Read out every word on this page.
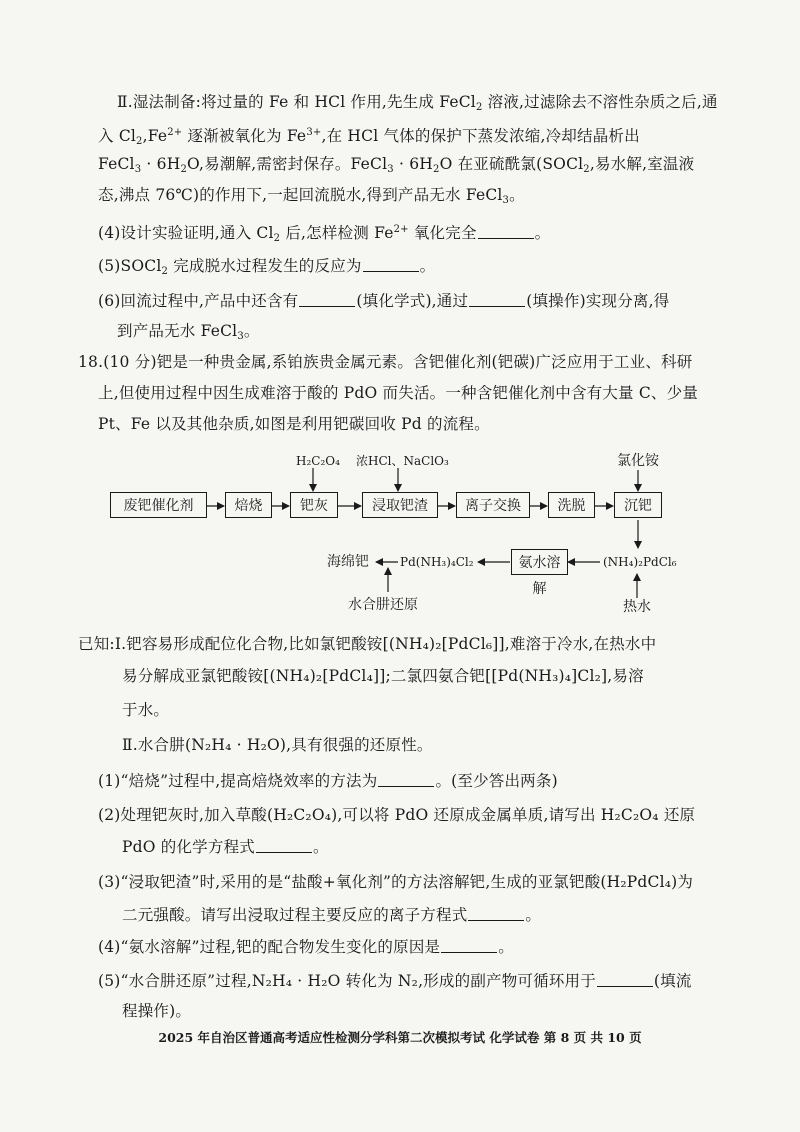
Ⅱ.湿法制备:将过量的 Fe 和 HCl 作用,先生成 FeCl$_2$ 溶液,过滤除去不溶性杂质之后,通
入 $Cl_2,Fe^{2+}$ 逐渐被氧化为 $Fe^{3+}$,在 HCl 气体的保护下蒸发浓缩,冷却结晶析出
FeCl$_3$ · $6H_2O$,易潮解,需密封保存。FeCl$_3$ · $6H_2O$ 在亚硫酰氯(SOCl$_2$,易水解,室温液
态,沸点 76℃)的作用下,一起回流脱水,得到产品无水 FeCl$_3$。
(4)设计实验证明,通入 $Cl_2$ 后,怎样检测 $Fe^{2+}$ 氧化完全	。
(5)SOCl$_2$ 完成脱水过程发生的反应为	。
(6)回流过程中,产品中还含有	(填化学式),通过	(填操作)实现分离,得
到产品无水 FeCl$_3$。
18.(10 分)钯是一种贵金属,系铂族贵金属元素。含钯催化剂(钯碳)广泛应用于工业、科研
上,但使用过程中因生成难溶于酸的 PdO 而失活。一种含钯催化剂中含有大量 C、少量
Pt、Fe 以及其他杂质,如图是利用钯碳回收 Pd 的流程。
废钯催化剂	焙烧	钯灰	浸取钯渣	离子交换	洗脱	沉钯
氨水溶解
H₂C₂O₄ 浓HCl、NaClO₃	氯化铵
(NH₄)₂PdCl₆
Pd(NH₃)₄Cl₂
海绵钯
水合肼还原	热水
已知:Ⅰ.钯容易形成配位化合物,比如氯钯酸铵[(NH₄)₂[PdCl₆]],难溶于冷水,在热水中
易分解成亚氯钯酸铵[(NH₄)₂[PdCl₄]];二氯四氨合钯[[Pd(NH₃)₄]Cl₂],易溶
于水。
Ⅱ.水合肼(N₂H₄ · H₂O),具有很强的还原性。
(1)“焙烧”过程中,提高焙烧效率的方法为	。(至少答出两条)
(2)处理钯灰时,加入草酸(H₂C₂O₄),可以将 PdO 还原成金属单质,请写出 H₂C₂O₄ 还原
PdO 的化学方程式	。
(3)“浸取钯渣”时,采用的是“盐酸+氧化剂”的方法溶解钯,生成的亚氯钯酸(H₂PdCl₄)为
二元强酸。请写出浸取过程主要反应的离子方程式	。
(4)“氨水溶解”过程,钯的配合物发生变化的原因是	。
(5)“水合肼还原”过程,N₂H₄ · H₂O 转化为 N₂,形成的副产物可循环用于	(填流
程操作)。
2025 年自治区普通高考适应性检测分学科第二次模拟考试 化学试卷 第 8 页 共 10 页
